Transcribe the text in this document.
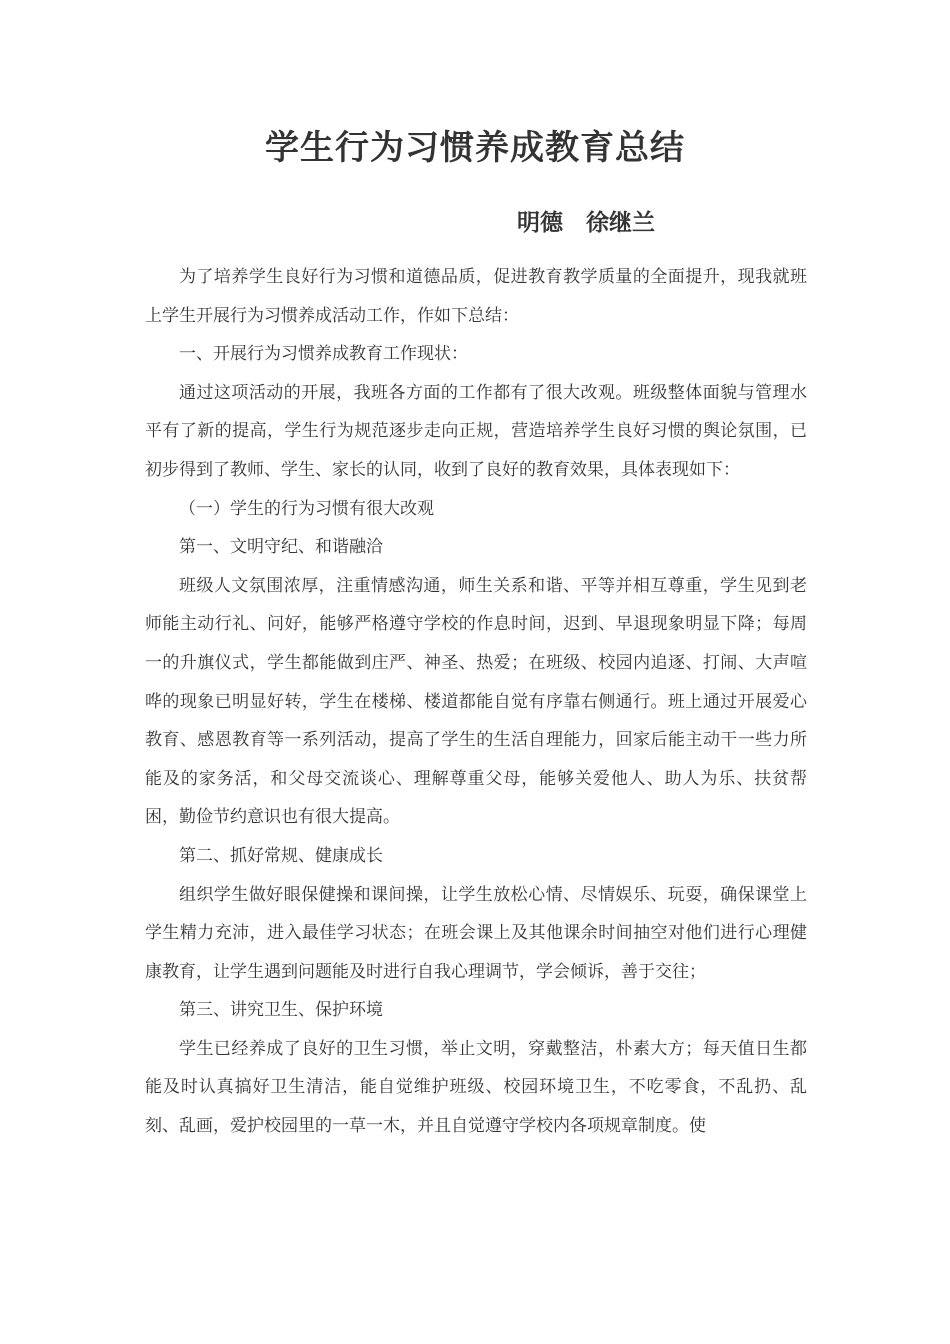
学生行为习惯养成教育总结
明德　徐继兰

为了培养学生良好行为习惯和道德品质，促进教育教学质量的全面提升，现我就班上学生开展行为习惯养成活动工作，作如下总结：

一、开展行为习惯养成教育工作现状：

通过这项活动的开展，我班各方面的工作都有了很大改观。班级整体面貌与管理水平有了新的提高，学生行为规范逐步走向正规，营造培养学生良好习惯的舆论氛围，已初步得到了教师、学生、家长的认同，收到了良好的教育效果，具体表现如下：

（一）学生的行为习惯有很大改观

第一、文明守纪、和谐融洽

班级人文氛围浓厚，注重情感沟通，师生关系和谐、平等并相互尊重，学生见到老师能主动行礼、问好，能够严格遵守学校的作息时间，迟到、早退现象明显下降；每周一的升旗仪式，学生都能做到庄严、神圣、热爱；在班级、校园内追逐、打闹、大声喧哗的现象已明显好转，学生在楼梯、楼道都能自觉有序靠右侧通行。班上通过开展爱心教育、感恩教育等一系列活动，提高了学生的生活自理能力，回家后能主动干一些力所能及的家务活，和父母交流谈心、理解尊重父母，能够关爱他人、助人为乐、扶贫帮困，勤俭节约意识也有很大提高。

第二、抓好常规、健康成长

组织学生做好眼保健操和课间操，让学生放松心情、尽情娱乐、玩耍，确保课堂上学生精力充沛，进入最佳学习状态；在班会课上及其他课余时间抽空对他们进行心理健康教育，让学生遇到问题能及时进行自我心理调节，学会倾诉，善于交往；

第三、讲究卫生、保护环境

学生已经养成了良好的卫生习惯，举止文明，穿戴整洁，朴素大方；每天值日生都能及时认真搞好卫生清洁，能自觉维护班级、校园环境卫生，不吃零食，不乱扔、乱刻、乱画，爱护校园里的一草一木，并且自觉遵守学校内各项规章制度。使
